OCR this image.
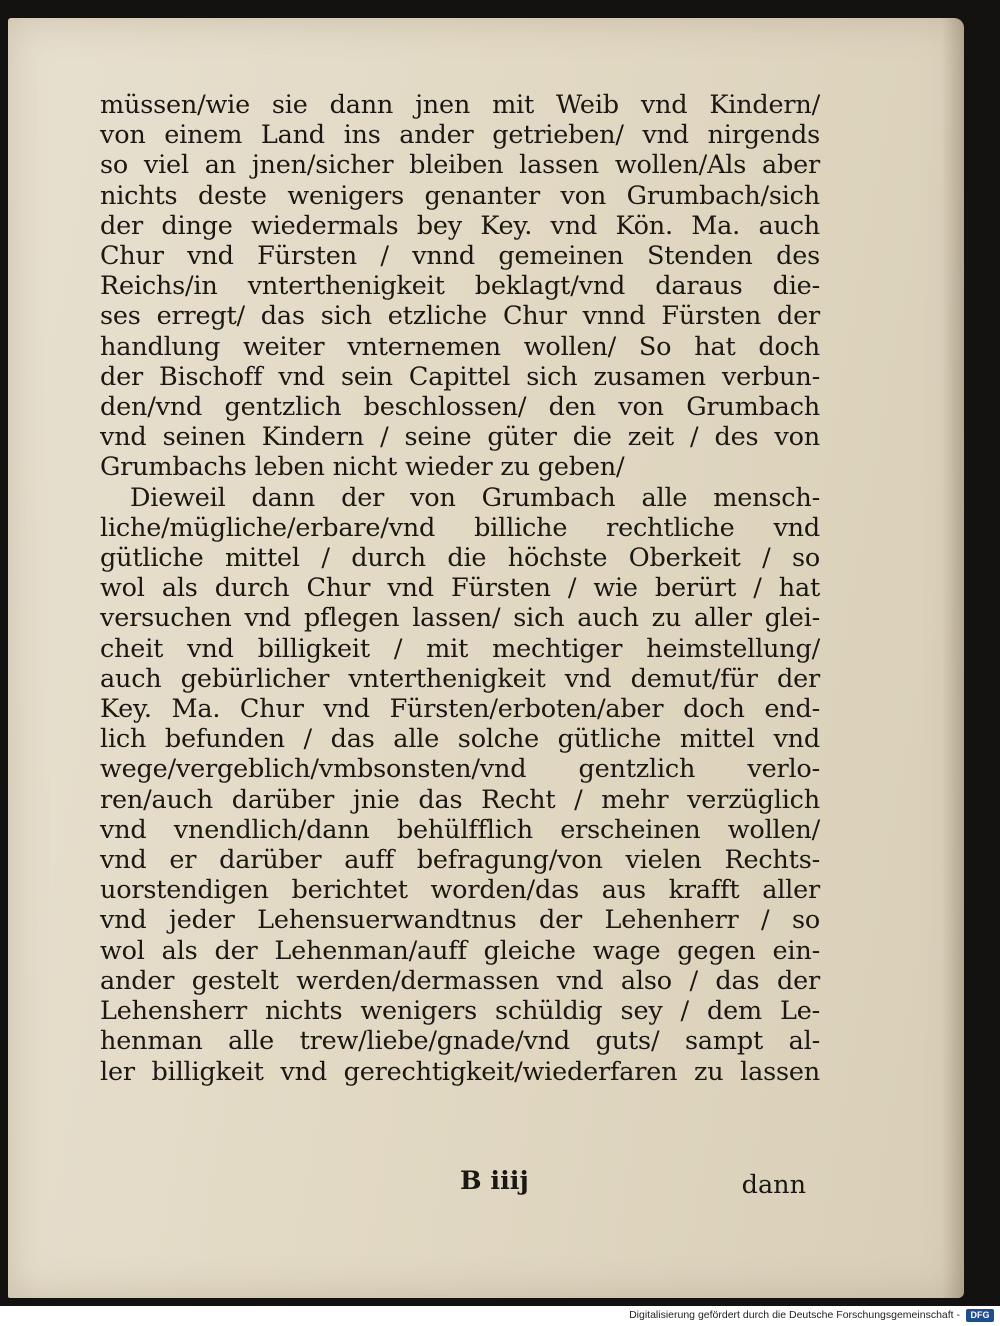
müssen/wie sie dann jnen mit Weib vnd Kindern/
von einem Land ins ander getrieben/ vnd nirgends
so viel an jnen/sicher bleiben lassen wollen/Als aber
nichts deste wenigers genanter von Grumbach/sich
der dinge wiedermals bey Key. vnd Kön. Ma. auch
Chur vnd Fürsten / vnnd gemeinen Stenden des
Reichs/in vnterthenigkeit beklagt/vnd daraus die-
ses erregt/ das sich etzliche Chur vnnd Fürsten der
handlung weiter vnternemen wollen/ So hat doch
der Bischoff vnd sein Capittel sich zusamen verbun-
den/vnd gentzlich beschlossen/ den von Grumbach
vnd seinen Kindern / seine güter die zeit / des von
Grumbachs leben nicht wieder zu geben/
Dieweil dann der von Grumbach alle mensch-
liche/mügliche/erbare/vnd billiche rechtliche vnd
gütliche mittel / durch die höchste Oberkeit / so
wol als durch Chur vnd Fürsten / wie berürt / hat
versuchen vnd pflegen lassen/ sich auch zu aller glei-
cheit vnd billigkeit / mit mechtiger heimstellung/
auch gebürlicher vnterthenigkeit vnd demut/für der
Key. Ma. Chur vnd Fürsten/erboten/aber doch end-
lich befunden / das alle solche gütliche mittel vnd
wege/vergeblich/vmbsonsten/vnd gentzlich verlo-
ren/auch darüber jnie das Recht / mehr verzüglich
vnd vnendlich/dann behülfflich erscheinen wollen/
vnd er darüber auff befragung/von vielen Rechts-
uorstendigen berichtet worden/das aus krafft aller
vnd jeder Lehensuerwandtnus der Lehenherr / so
wol als der Lehenman/auff gleiche wage gegen ein-
ander gestelt werden/dermassen vnd also / das der
Lehensherr nichts wenigers schüldig sey / dem Le-
henman alle trew/liebe/gnade/vnd guts/ sampt al-
ler billigkeit vnd gerechtigkeit/wiederfaren zu lassen
B iiij	dann
Digitalisierung gefördert durch die Deutsche Forschungsgemeinschaft -	DFG
